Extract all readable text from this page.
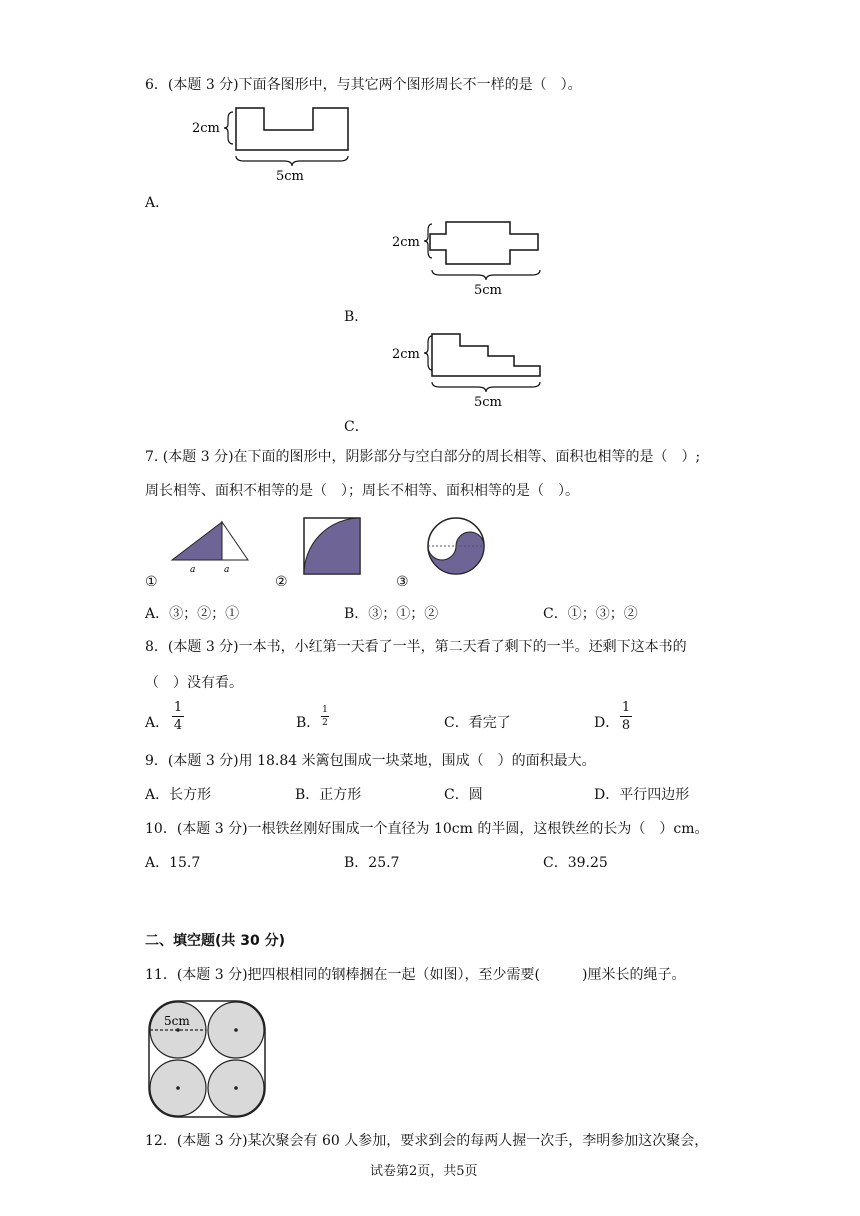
6．(本题 3 分)下面各图形中，与其它两个图形周长不一样的是（　）。
2cm
5cm
A．
2cm
5cm
B．
2cm
5cm
C．
7. (本题 3 分)在下面的图形中，阴影部分与空白部分的周长相等、面积也相等的是（　）;
周长相等、面积不相等的是（　）；周长不相等、面积相等的是（　）。
a	a
①	②	③
A．③；②；①	B．③；①；②	C．①；③；②
8．(本题 3 分)一本书，小红第一天看了一半，第二天看了剩下的一半。还剩下这本书的
（　）没有看。
A．
1
4	B．
1
2	C．看完了	D．
1
8
9．(本题 3 分)用 18.84 米篱包围成一块菜地，围成（　）的面积最大。
A．长方形	B．正方形	C．圆	D．平行四边形
10．(本题 3 分)一根铁丝刚好围成一个直径为 10cm 的半圆，这根铁丝的长为（　）cm。
A．15.7	B．25.7	C．39.25
二、填空题(共 30 分)
11．(本题 3 分)把四根相同的钢棒捆在一起（如图），至少需要(　　　)厘米长的绳子。
5cm
12．(本题 3 分)某次聚会有 60 人参加，要求到会的每两人握一次手，李明参加这次聚会，
试卷第2页，共5页
